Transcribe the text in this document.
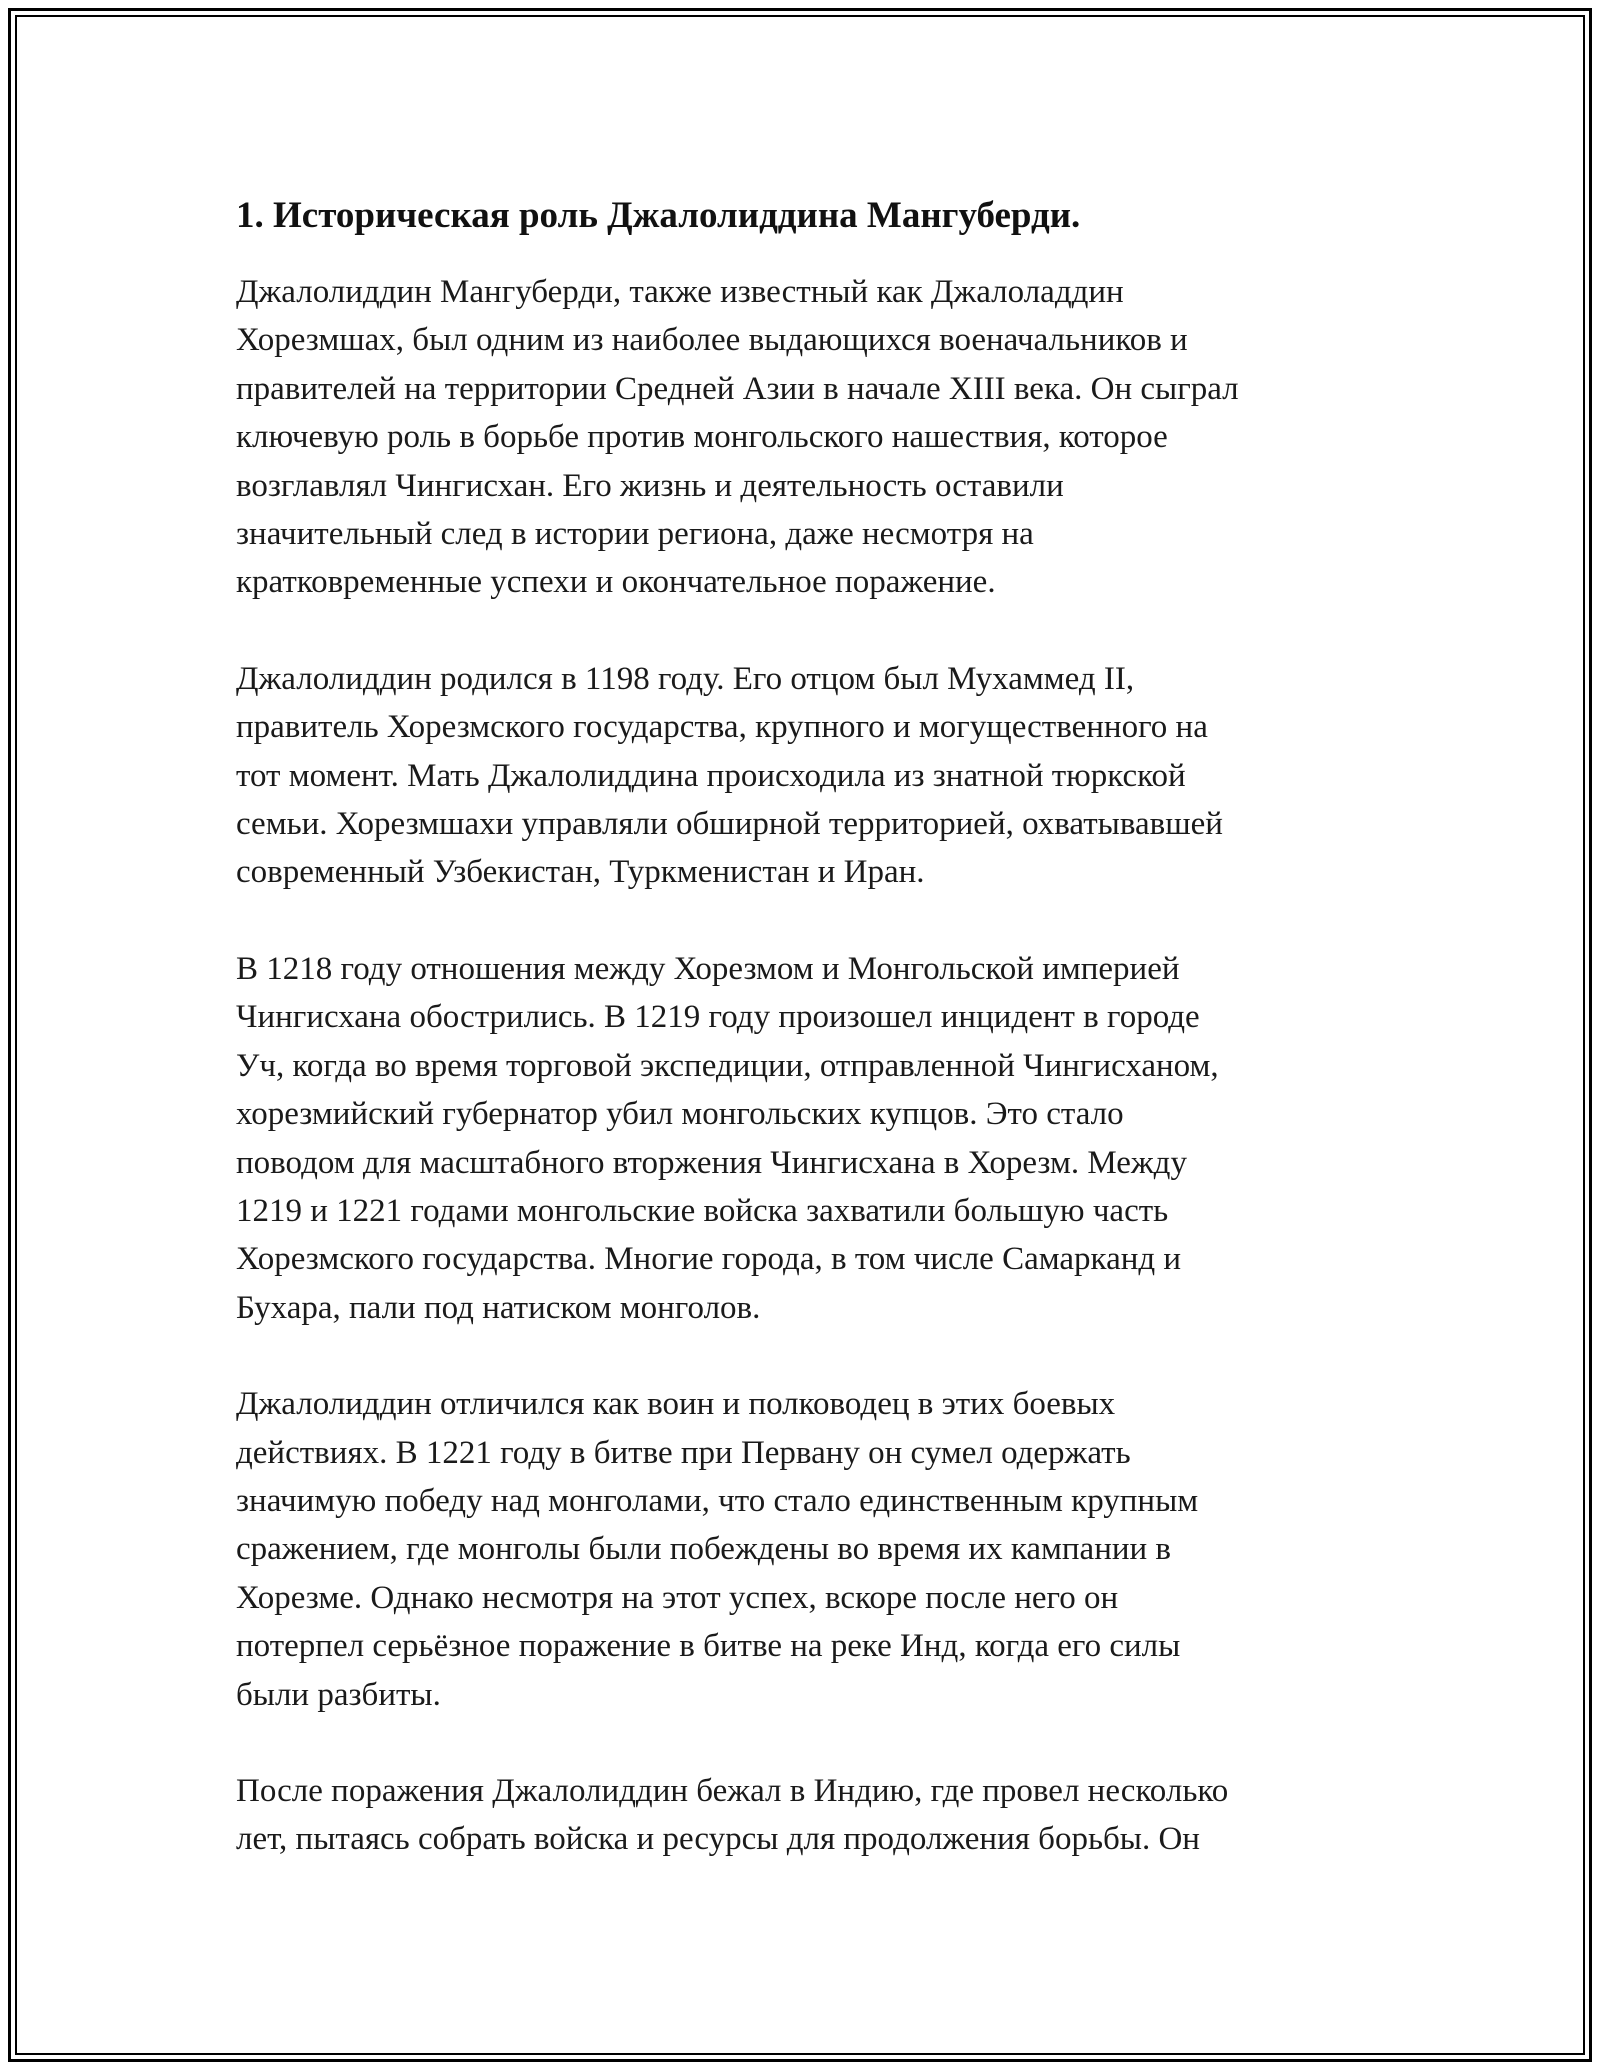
1. Историческая роль Джалолиддина Мангуберди.

Джалолиддин Мангуберди, также известный как Джалоладдин
Хорезмшах, был одним из наиболее выдающихся военачальников и
правителей на территории Средней Азии в начале XIII века. Он сыграл
ключевую роль в борьбе против монгольского нашествия, которое
возглавлял Чингисхан. Его жизнь и деятельность оставили
значительный след в истории региона, даже несмотря на
кратковременные успехи и окончательное поражение.

Джалолиддин родился в 1198 году. Его отцом был Мухаммед II,
правитель Хорезмского государства, крупного и могущественного на
тот момент. Мать Джалолиддина происходила из знатной тюркской
семьи. Хорезмшахи управляли обширной территорией, охватывавшей
современный Узбекистан, Туркменистан и Иран.

В 1218 году отношения между Хорезмом и Монгольской империей
Чингисхана обострились. В 1219 году произошел инцидент в городе
Уч, когда во время торговой экспедиции, отправленной Чингисханом,
хорезмийский губернатор убил монгольских купцов. Это стало
поводом для масштабного вторжения Чингисхана в Хорезм. Между
1219 и 1221 годами монгольские войска захватили большую часть
Хорезмского государства. Многие города, в том числе Самарканд и
Бухара, пали под натиском монголов.

Джалолиддин отличился как воин и полководец в этих боевых
действиях. В 1221 году в битве при Первану он сумел одержать
значимую победу над монголами, что стало единственным крупным
сражением, где монголы были побеждены во время их кампании в
Хорезме. Однако несмотря на этот успех, вскоре после него он
потерпел серьёзное поражение в битве на реке Инд, когда его силы
были разбиты.

После поражения Джалолиддин бежал в Индию, где провел несколько
лет, пытаясь собрать войска и ресурсы для продолжения борьбы. Он
